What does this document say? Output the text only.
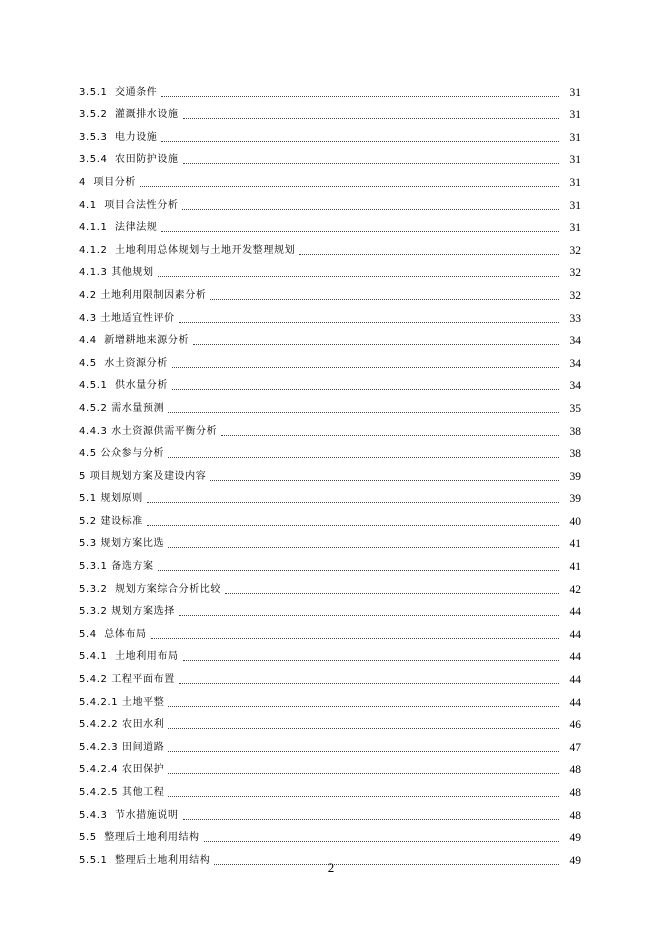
3.5.1  交通条件	31
3.5.2  灌溉排水设施	31
3.5.3  电力设施	31
3.5.4  农田防护设施	31
4  项目分析	31
4.1  项目合法性分析	31
4.1.1  法律法规	31
4.1.2  土地利用总体规划与土地开发整理规划	32
4.1.3 其他规划	32
4.2 土地利用限制因素分析	32
4.3 土地适宜性评价	33
4.4  新增耕地来源分析	34
4.5  水土资源分析	34
4.5.1  供水量分析	34
4.5.2 需水量预测	35
4.4.3 水土资源供需平衡分析	38
4.5 公众参与分析	38
5 项目规划方案及建设内容	39
5.1 规划原则	39
5.2 建设标准	40
5.3 规划方案比选	41
5.3.1 备选方案	41
5.3.2  规划方案综合分析比较	42
5.3.2 规划方案选择	44
5.4  总体布局	44
5.4.1  土地利用布局	44
5.4.2 工程平面布置	44
5.4.2.1 土地平整	44
5.4.2.2 农田水利	46
5.4.2.3 田间道路	47
5.4.2.4 农田保护	48
5.4.2.5 其他工程	48
5.4.3  节水措施说明	48
5.5  整理后土地利用结构	49
5.5.1  整理后土地利用结构	49
2
